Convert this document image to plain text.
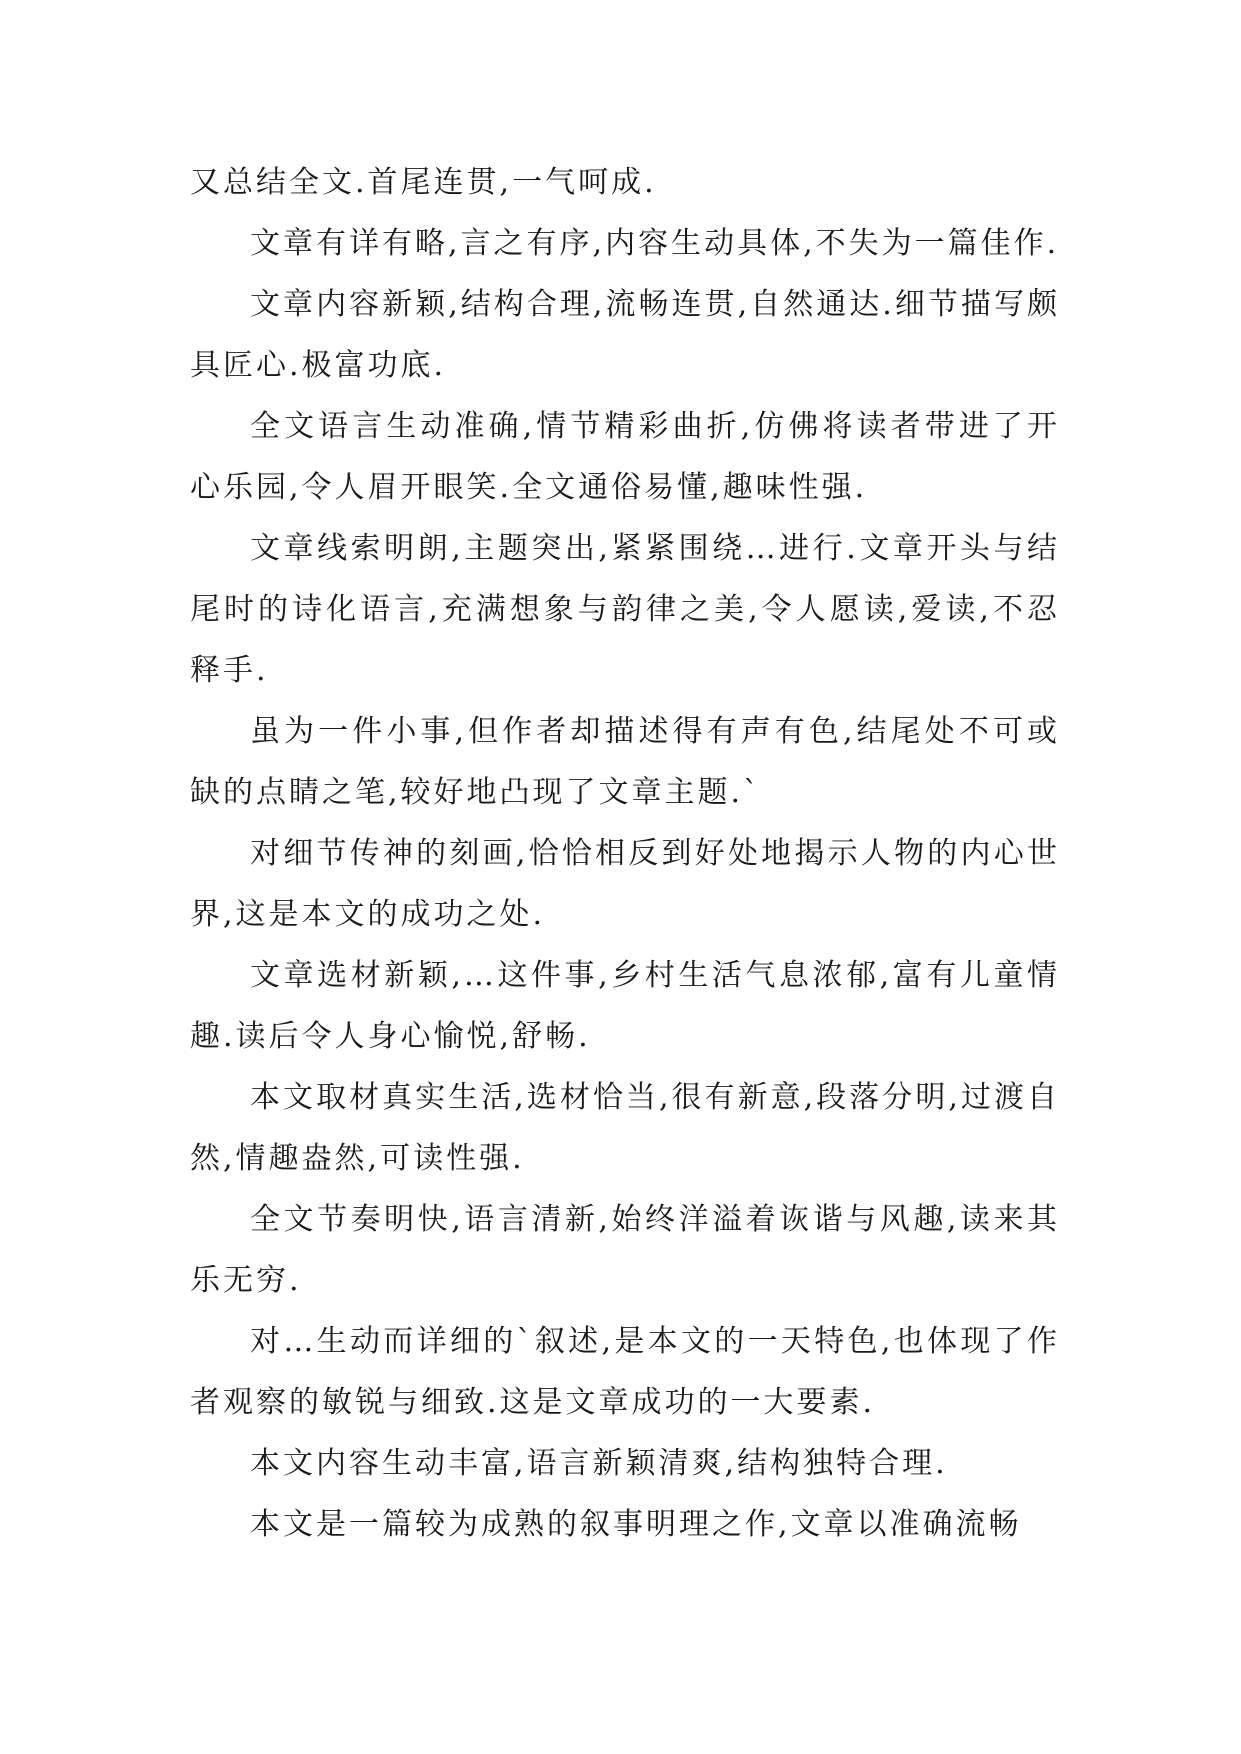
又总结全文.首尾连贯,一气呵成.

文章有详有略,言之有序,内容生动具体,不失为一篇佳作.

文章内容新颖,结构合理,流畅连贯,自然通达.细节描写颇具匠心.极富功底.

全文语言生动准确,情节精彩曲折,仿佛将读者带进了开心乐园,令人眉开眼笑.全文通俗易懂,趣味性强.

文章线索明朗,主题突出,紧紧围绕…进行.文章开头与结尾时的诗化语言,充满想象与韵律之美,令人愿读,爱读,不忍释手.

虽为一件小事,但作者却描述得有声有色,结尾处不可或缺的点睛之笔,较好地凸现了文章主题.`

对细节传神的刻画,恰恰相反到好处地揭示人物的内心世界,这是本文的成功之处.

文章选材新颖,…这件事,乡村生活气息浓郁,富有儿童情趣.读后令人身心愉悦,舒畅.

本文取材真实生活,选材恰当,很有新意,段落分明,过渡自然,情趣盎然,可读性强.

全文节奏明快,语言清新,始终洋溢着诙谐与风趣,读来其乐无穷.

对…生动而详细的`叙述,是本文的一天特色,也体现了作者观察的敏锐与细致.这是文章成功的一大要素.

本文内容生动丰富,语言新颖清爽,结构独特合理.

本文是一篇较为成熟的叙事明理之作,文章以准确流畅
